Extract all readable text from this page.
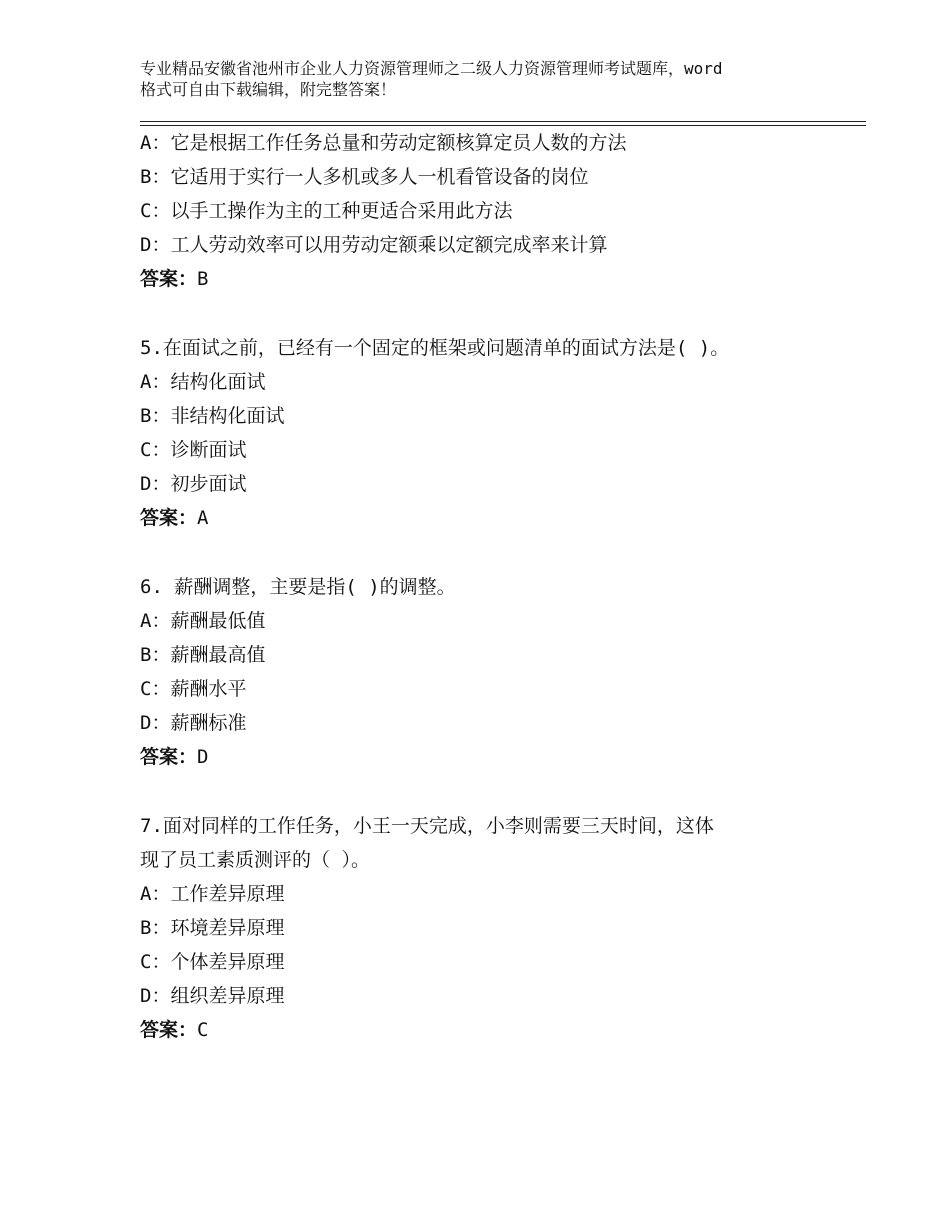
专业精品安徽省池州市企业人力资源管理师之二级人力资源管理师考试题库，word
格式可自由下载编辑，附完整答案！
A：它是根据工作任务总量和劳动定额核算定员人数的方法
B：它适用于实行一人多机或多人一机看管设备的岗位
C：以手工操作为主的工种更适合采用此方法
D：工人劳动效率可以用劳动定额乘以定额完成率来计算
答案：B
5.在面试之前，已经有一个固定的框架或问题清单的面试方法是( )。
A：结构化面试
B：非结构化面试
C：诊断面试
D：初步面试
答案：A
6. 薪酬调整，主要是指( )的调整。
A：薪酬最低值
B：薪酬最高值
C：薪酬水平
D：薪酬标准
答案：D
7.面对同样的工作任务，小王一天完成，小李则需要三天时间，这体
现了员工素质测评的（ ）。
A：工作差异原理
B：环境差异原理
C：个体差异原理
D：组织差异原理
答案：C
